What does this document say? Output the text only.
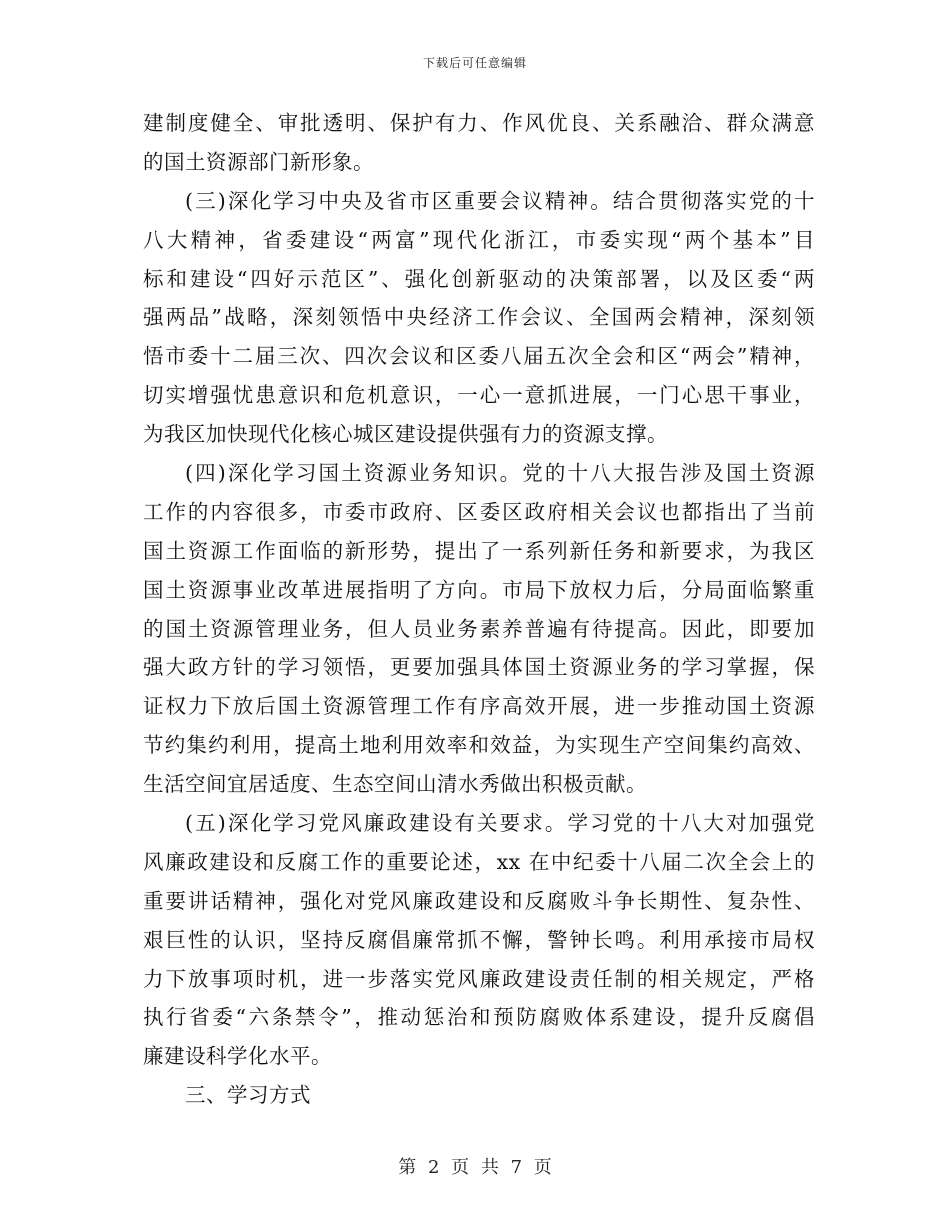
下载后可任意编辑
建制度健全、审批透明、保护有力、作风优良、关系融洽、群众满意
的国土资源部门新形象。
(三)深化学习中央及省市区重要会议精神。结合贯彻落实党的十
八大精神，省委建设“两富”现代化浙江，市委实现“两个基本”目
标和建设“四好示范区”、强化创新驱动的决策部署，以及区委“两
强两品”战略，深刻领悟中央经济工作会议、全国两会精神，深刻领
悟市委十二届三次、四次会议和区委八届五次全会和区“两会”精神，
切实增强忧患意识和危机意识，一心一意抓进展，一门心思干事业，
为我区加快现代化核心城区建设提供强有力的资源支撑。
(四)深化学习国土资源业务知识。党的十八大报告涉及国土资源
工作的内容很多，市委市政府、区委区政府相关会议也都指出了当前
国土资源工作面临的新形势，提出了一系列新任务和新要求，为我区
国土资源事业改革进展指明了方向。市局下放权力后，分局面临繁重
的国土资源管理业务，但人员业务素养普遍有待提高。因此，即要加
强大政方针的学习领悟，更要加强具体国土资源业务的学习掌握，保
证权力下放后国土资源管理工作有序高效开展，进一步推动国土资源
节约集约利用，提高土地利用效率和效益，为实现生产空间集约高效、
生活空间宜居适度、生态空间山清水秀做出积极贡献。
(五)深化学习党风廉政建设有关要求。学习党的十八大对加强党
风廉政建设和反腐工作的重要论述，xx 在中纪委十八届二次全会上的
重要讲话精神，强化对党风廉政建设和反腐败斗争长期性、复杂性、
艰巨性的认识，坚持反腐倡廉常抓不懈，警钟长鸣。利用承接市局权
力下放事项时机，进一步落实党风廉政建设责任制的相关规定，严格
执行省委“六条禁令”，推动惩治和预防腐败体系建设，提升反腐倡
廉建设科学化水平。
三、学习方式
第 2 页 共 7 页
